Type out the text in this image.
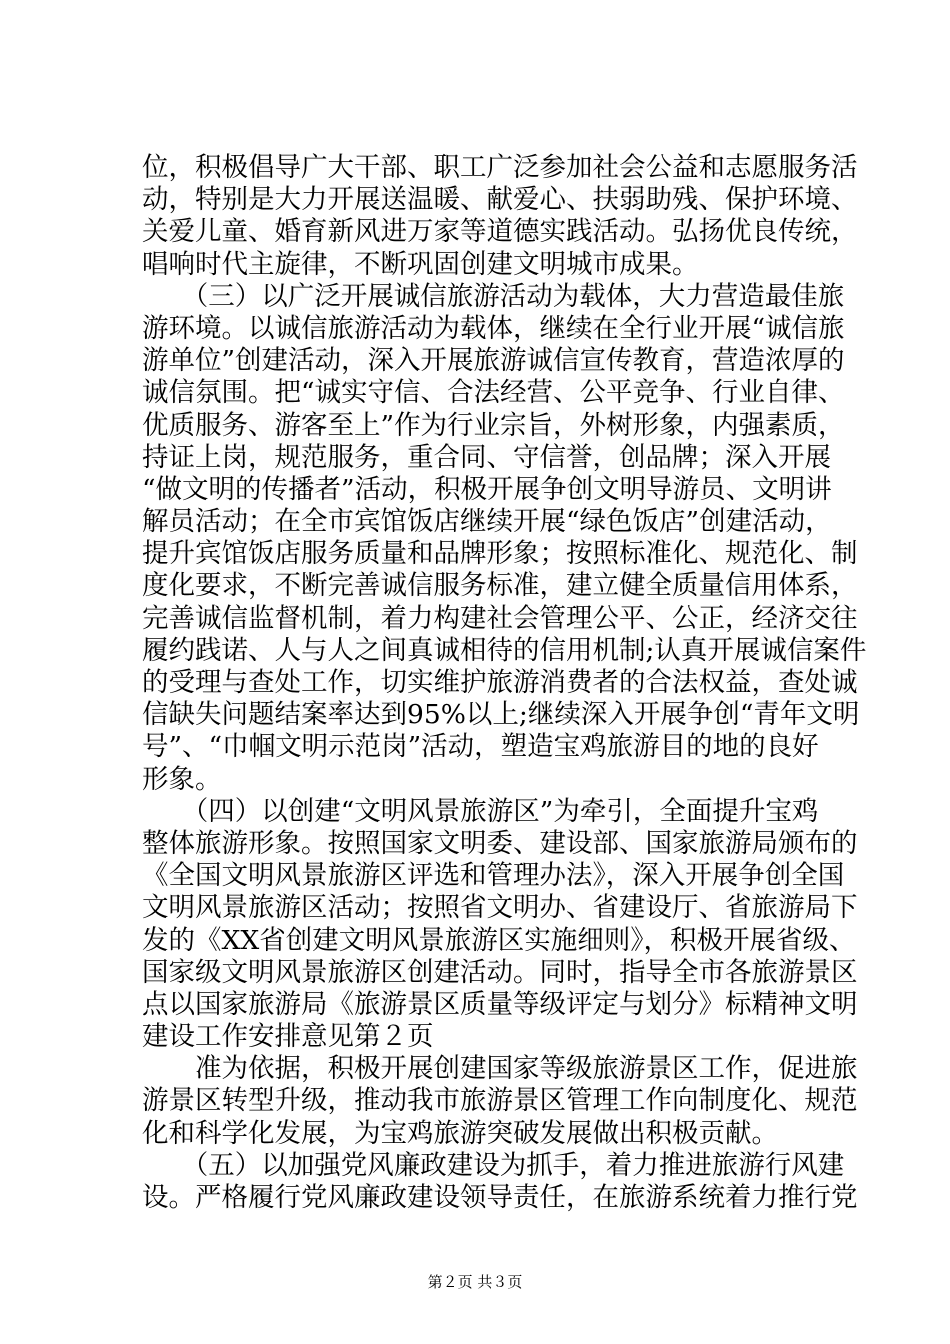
位，积极倡导广大干部、职工广泛参加社会公益和志愿服务活
动，特别是大力开展送温暖、献爱心、扶弱助残、保护环境、
关爱儿童、婚育新风进万家等道德实践活动。弘扬优良传统，
唱响时代主旋律，不断巩固创建文明城市成果。
　　（三）以广泛开展诚信旅游活动为载体，大力营造最佳旅
游环境。以诚信旅游活动为载体，继续在全行业开展“诚信旅
游单位”创建活动，深入开展旅游诚信宣传教育，营造浓厚的
诚信氛围。把“诚实守信、合法经营、公平竞争、行业自律、
优质服务、游客至上”作为行业宗旨，外树形象，内强素质，
持证上岗，规范服务，重合同、守信誉，创品牌；深入开展
“做文明的传播者”活动，积极开展争创文明导游员、文明讲
解员活动；在全市宾馆饭店继续开展“绿色饭店”创建活动，
提升宾馆饭店服务质量和品牌形象；按照标准化、规范化、制
度化要求，不断完善诚信服务标准，建立健全质量信用体系，
完善诚信监督机制，着力构建社会管理公平、公正，经济交往
履约践诺、人与人之间真诚相待的信用机制;认真开展诚信案件
的受理与查处工作，切实维护旅游消费者的合法权益，查处诚
信缺失问题结案率达到95%以上;继续深入开展争创“青年文明
号”、“巾帼文明示范岗”活动，塑造宝鸡旅游目的地的良好
形象。
　　（四）以创建“文明风景旅游区”为牵引，全面提升宝鸡
整体旅游形象。按照国家文明委、建设部、国家旅游局颁布的
《全国文明风景旅游区评选和管理办法》，深入开展争创全国
文明风景旅游区活动；按照省文明办、省建设厅、省旅游局下
发的《XX省创建文明风景旅游区实施细则》，积极开展省级、
国家级文明风景旅游区创建活动。同时，指导全市各旅游景区
点以国家旅游局《旅游景区质量等级评定与划分》标精神文明
建设工作安排意见第２页
　　准为依据，积极开展创建国家等级旅游景区工作，促进旅
游景区转型升级，推动我市旅游景区管理工作向制度化、规范
化和科学化发展，为宝鸡旅游突破发展做出积极贡献。
　　（五）以加强党风廉政建设为抓手，着力推进旅游行风建
设。严格履行党风廉政建设领导责任，在旅游系统着力推行党
第２页 共３页
